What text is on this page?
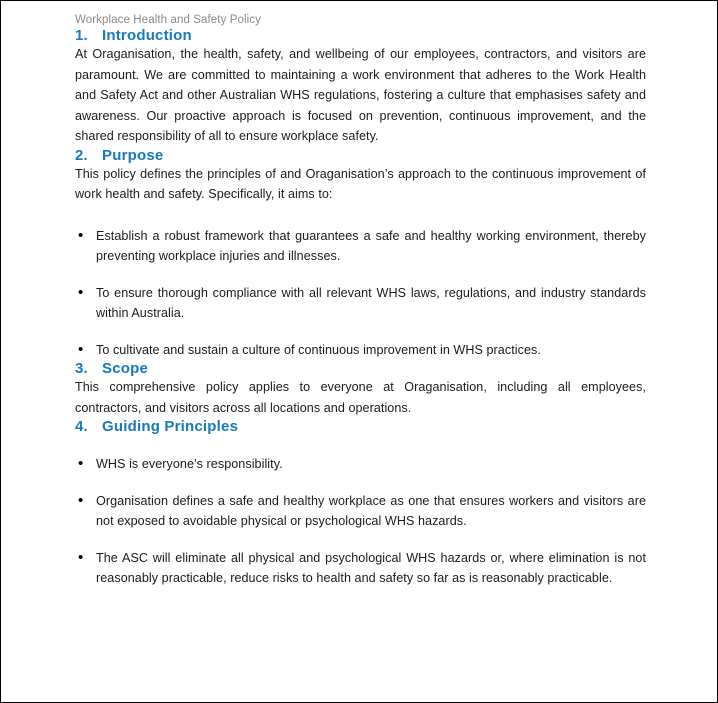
Workplace Health and Safety Policy
1. Introduction

At Oraganisation, the health, safety, and wellbeing of our employees, contractors, and visitors are paramount. We are committed to maintaining a work environment that adheres to the Work Health and Safety Act and other Australian WHS regulations, fostering a culture that emphasises safety and awareness. Our proactive approach is focused on prevention, continuous improvement, and the shared responsibility of all to ensure workplace safety.

2. Purpose

This policy defines the principles of and Oraganisation’s approach to the continuous improvement of work health and safety. Specifically, it aims to:

• Establish a robust framework that guarantees a safe and healthy working environment, thereby preventing workplace injuries and illnesses.
• To ensure thorough compliance with all relevant WHS laws, regulations, and industry standards within Australia.
• To cultivate and sustain a culture of continuous improvement in WHS practices.
3. Scope

This comprehensive policy applies to everyone at Oraganisation, including all employees, contractors, and visitors across all locations and operations.

4. Guiding Principles
• WHS is everyone’s responsibility.
• Organisation defines a safe and healthy workplace as one that ensures workers and visitors are not exposed to avoidable physical or psychological WHS hazards.
• The ASC will eliminate all physical and psychological WHS hazards or, where elimination is not reasonably practicable, reduce risks to health and safety so far as is reasonably practicable.
